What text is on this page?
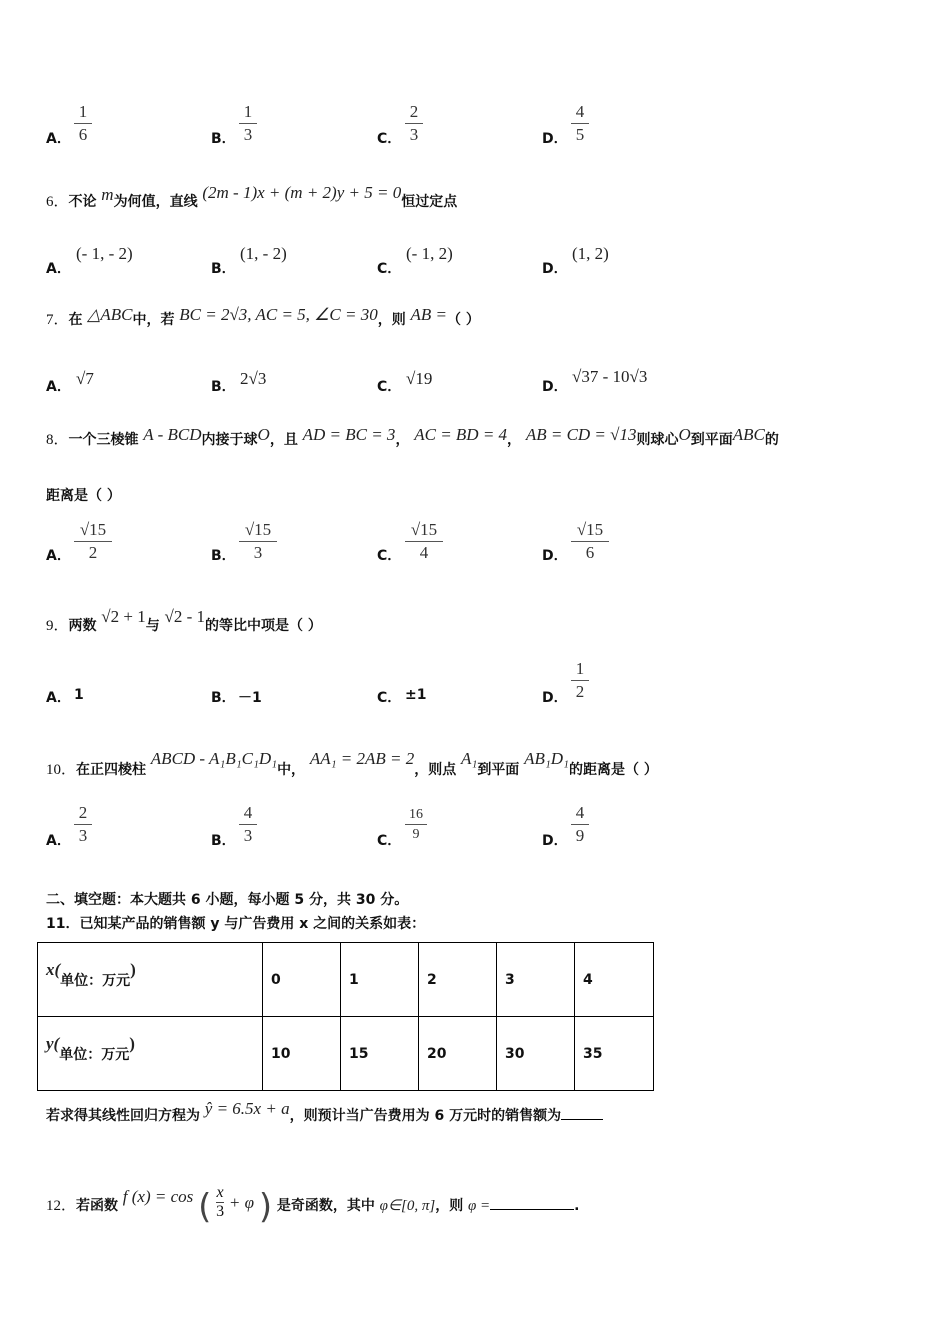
A．
1
6	B．
1
3	C．
2
3	D．
4
5
6．不论 m为何值，直线 (2m - 1)x + (m + 2)y + 5 = 0恒过定点
A．
(- 1, - 2)
B．
(1, - 2)
C．
(- 1, 2)
D．
(1, 2)
7．在 △ABC中，若 BC = 2√3, AC = 5, ∠C = 30，则 AB =（ ）
A． √7	B． 2√3	C． √19	D．
√37 - 10√3
8．一个三棱锥 A - BCD内接于球O，且 AD = BC = 3， AC = BD = 4， AB = CD = √13则球心O到平面ABC的
距离是（ ）
A．
√15
2	B．
√15
3	C．
√15
4	D．
√15
6
9．两数 √2 + 1与 √2 - 1的等比中项是（ ）
A． 1	B． －1	C． ±1	D．
1
2
10．在正四棱柱 ABCD - A₁B₁C₁D₁中， AA₁ = 2AB = 2，则点 A₁到平面 AB₁D₁的距离是（ ）
A．
2
3	B．
4
3	C．
16
9	D．
4
9
二、填空题：本大题共 6 小题，每小题 5 分，共 30 分。
11．已知某产品的销售额 y 与广告费用 x 之间的关系如表：
x(单位：万元)	0	1	2	3	4
y(单位：万元)	10	15	20	30	35
若求得其线性回归方程为 ŷ = 6.5x + a，则预计当广告费用为 6 万元时的销售额为
12．若函数 f (x) = cos ( $\frac{x}{3} + \varphi$ ) 是奇函数，其中 φ∈[0, π]，则 φ =	.
